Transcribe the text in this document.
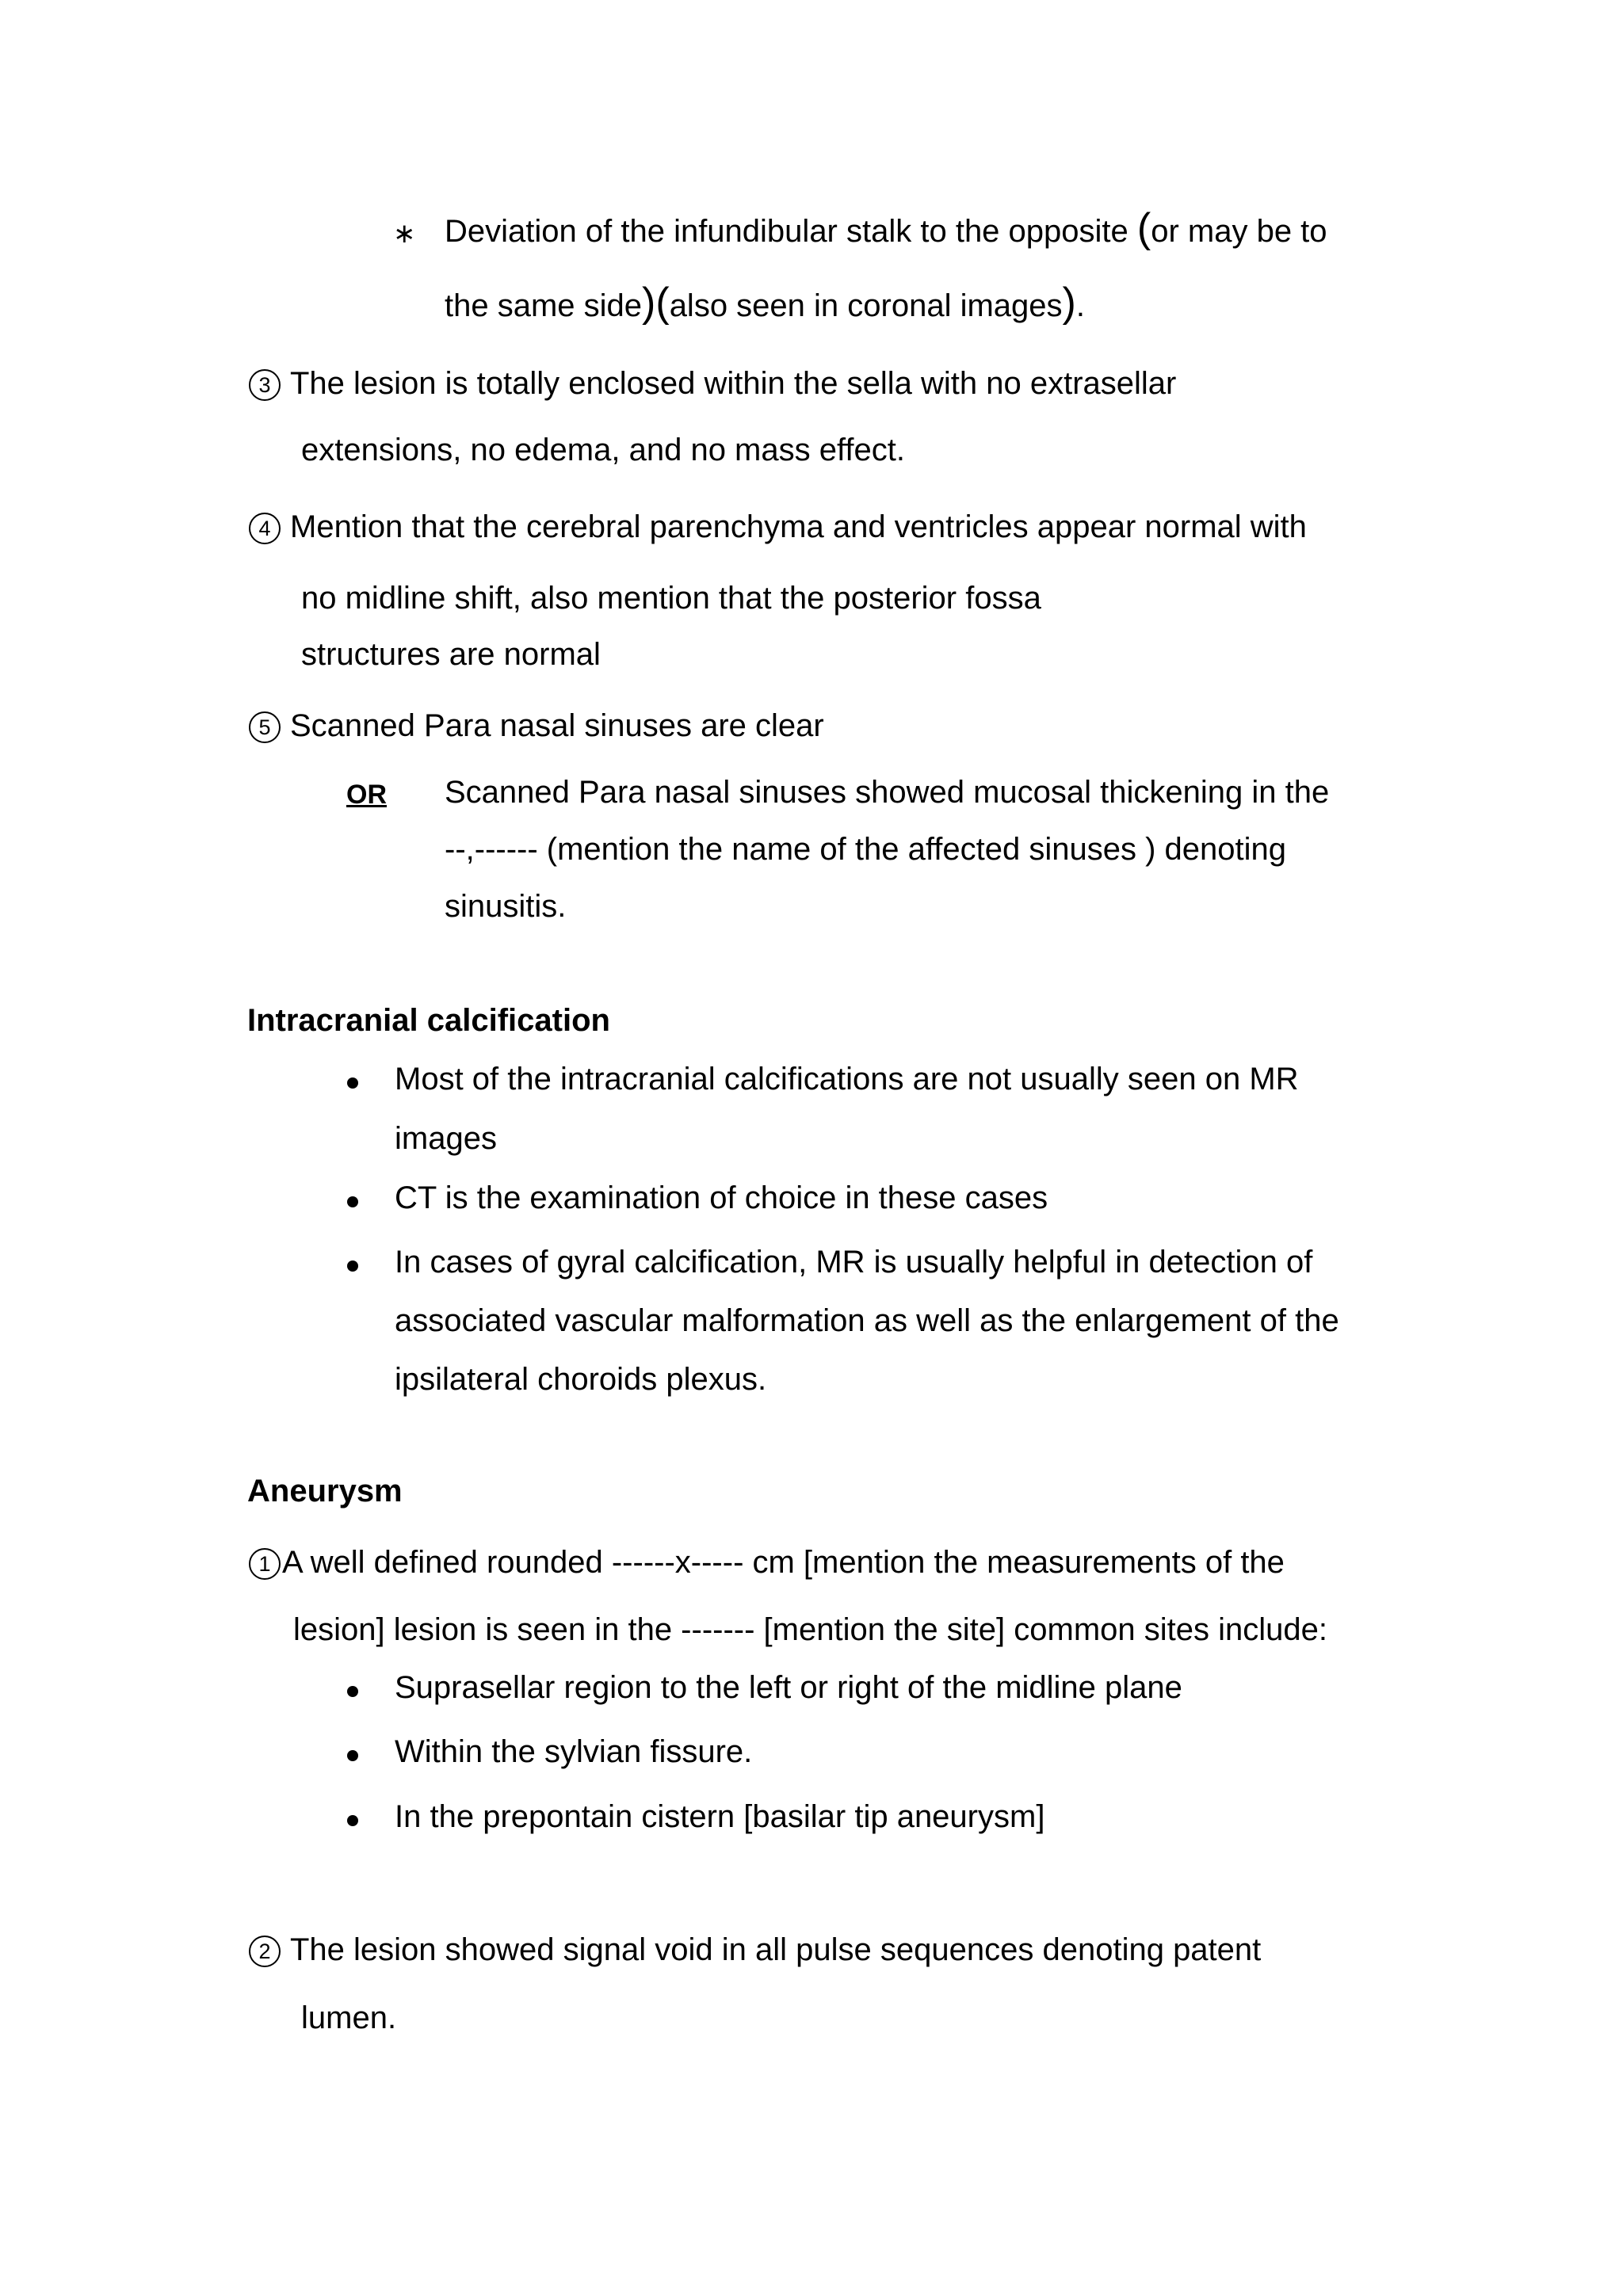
∗ Deviation of the infundibular stalk to the opposite (or may be to
the same side)(also seen in coronal images).
3 The lesion is totally enclosed within the sella with no extrasellar
extensions, no edema, and no mass effect.
4 Mention that the cerebral parenchyma and ventricles appear normal with
no midline shift, also mention that the posterior fossa
structures are normal
5 Scanned Para nasal sinuses are clear
OR Scanned Para nasal sinuses showed mucosal thickening in the
--,------ (mention the name of the affected sinuses ) denoting
sinusitis.
Intracranial calcification
Most of the intracranial calcifications are not usually seen on MR
images
CT is the examination of choice in these cases
In cases of gyral calcification, MR is usually helpful in detection of
associated vascular malformation as well as the enlargement of the
ipsilateral choroids plexus.
Aneurysm
1 A well defined rounded ------x----- cm [mention the measurements of the
lesion] lesion is seen in the ------- [mention the site] common sites include:
Suprasellar region to the left or right of the midline plane
Within the sylvian fissure.
In the prepontain cistern [basilar tip aneurysm]
2 The lesion showed signal void in all pulse sequences denoting patent
lumen.
